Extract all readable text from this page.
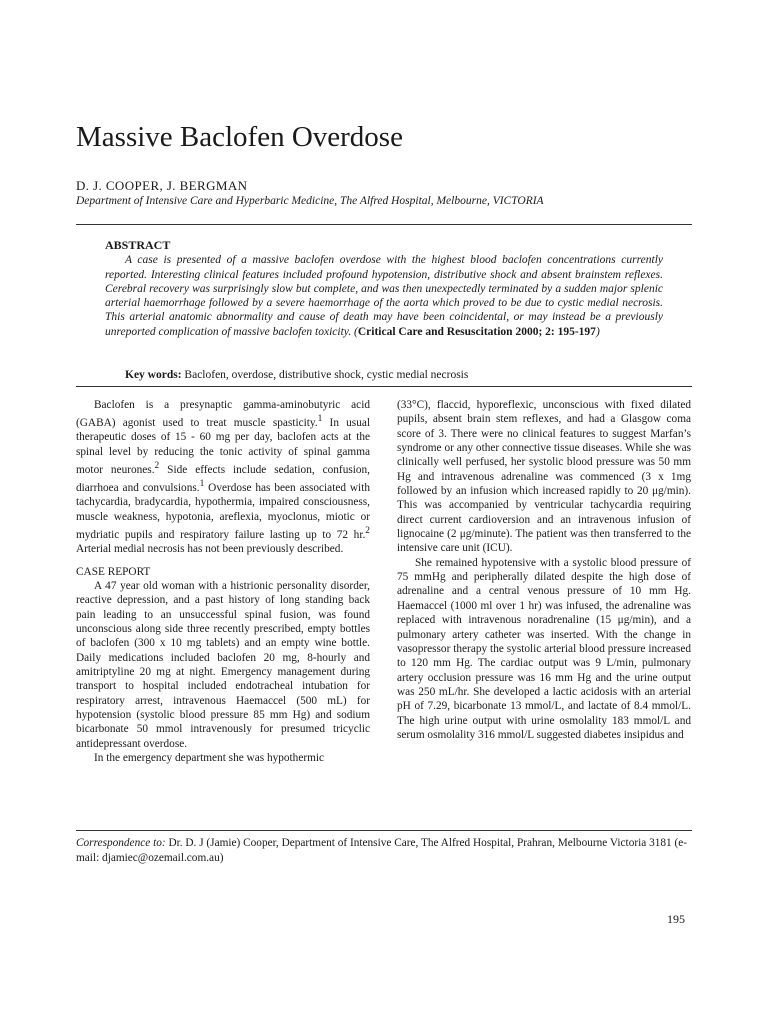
Massive Baclofen Overdose
D. J. COOPER, J. BERGMAN
Department of Intensive Care and Hyperbaric Medicine, The Alfred Hospital, Melbourne, VICTORIA
ABSTRACT

A case is presented of a massive baclofen overdose with the highest blood baclofen concentrations currently reported. Interesting clinical features included profound hypotension, distributive shock and absent brainstem reflexes. Cerebral recovery was surprisingly slow but complete, and was then unexpectedly terminated by a sudden major splenic arterial haemorrhage followed by a severe haemorrhage of the aorta which proved to be due to cystic medial necrosis. This arterial anatomic abnormality and cause of death may have been coincidental, or may instead be a previously unreported complication of massive baclofen toxicity. (Critical Care and Resuscitation 2000; 2: 195-197)

Key words: Baclofen, overdose, distributive shock, cystic medial necrosis

Baclofen is a presynaptic gamma-aminobutyric acid (GABA) agonist used to treat muscle spasticity.$^1$ In usual therapeutic doses of 15 - 60 mg per day, baclofen acts at the spinal level by reducing the tonic activity of spinal gamma motor neurones.$^2$ Side effects include sedation, confusion, diarrhoea and convulsions.$^1$ Overdose has been associated with tachycardia, bradycardia, hypothermia, impaired consciousness, muscle weakness, hypotonia, areflexia, myoclonus, miotic or mydriatic pupils and respiratory failure lasting up to 72 hr.$^2$ Arterial medial necrosis has not been previously described.

CASE REPORT

A 47 year old woman with a histrionic personality disorder, reactive depression, and a past history of long standing back pain leading to an unsuccessful spinal fusion, was found unconscious along side three recently prescribed, empty bottles of baclofen (300 x 10 mg tablets) and an empty wine bottle. Daily medications included baclofen 20 mg, 8-hourly and amitriptyline 20 mg at night. Emergency management during transport to hospital included endotracheal intubation for respiratory arrest, intravenous Haemaccel (500 mL) for hypotension (systolic blood pressure 85 mm Hg) and sodium bicarbonate 50 mmol intravenously for presumed tricyclic antidepressant overdose.

In the emergency department she was hypothermic

(33°C), flaccid, hyporeflexic, unconscious with fixed dilated pupils, absent brain stem reflexes, and had a Glasgow coma score of 3. There were no clinical features to suggest Marfan’s syndrome or any other connective tissue diseases. While she was clinically well perfused, her systolic blood pressure was 50 mm Hg and intravenous adrenaline was commenced (3 x 1mg followed by an infusion which increased rapidly to 20 μg/min). This was accompanied by ventricular tachycardia requiring direct current cardioversion and an intravenous infusion of lignocaine (2 μg/minute). The patient was then transferred to the intensive care unit (ICU).

She remained hypotensive with a systolic blood pressure of 75 mmHg and peripherally dilated despite the high dose of adrenaline and a central venous pressure of 10 mm Hg. Haemaccel (1000 ml over 1 hr) was infused, the adrenaline was replaced with intravenous noradrenaline (15 μg/min), and a pulmonary artery catheter was inserted. With the change in vasopressor therapy the systolic arterial blood pressure increased to 120 mm Hg. The cardiac output was 9 L/min, pulmonary artery occlusion pressure was 16 mm Hg and the urine output was 250 mL/hr. She developed a lactic acidosis with an arterial pH of 7.29, bicarbonate 13 mmol/L, and lactate of 8.4 mmol/L. The high urine output with urine osmolality 183 mmol/L and serum osmolality 316 mmol/L suggested diabetes insipidus and

Correspondence to: Dr. D. J (Jamie) Cooper, Department of Intensive Care, The Alfred Hospital, Prahran, Melbourne Victoria 3181 (e-mail: djamiec@ozemail.com.au)
195
